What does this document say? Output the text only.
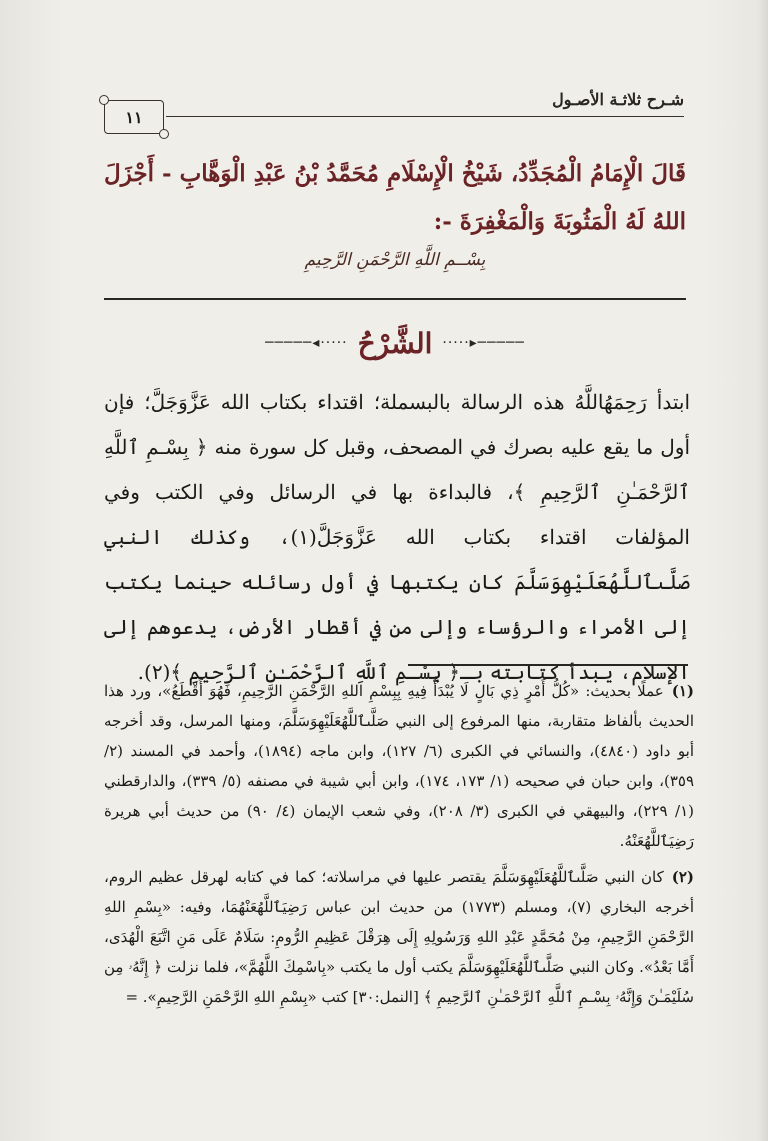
شـرح ثلاثـة الأصـول
١١
قَالَ الْإِمَامُ الْمُجَدِّدُ، شَيْخُ الْإِسْلَامِ مُحَمَّدُ بْنُ عَبْدِ الْوَهَّابِ - أَجْزَلَ اللهُ لَهُ الْمَثُوبَةَ وَالْمَغْفِرَةَ -:
بِسْــمِ اللَّهِ الرَّحْمَنِ الرَّحِيمِ
─────▸·····
الشَّرْحُ
·····◂─────

ابتدأ رَحِمَهُاللَّهُ هذه الرسالة بالبسملة؛ اقتداء بكتاب الله عَزَّوَجَلَّ؛ فإن أول ما يقع عليه بصرك في المصحف، وقبل كل سورة منه ﴿ بِسْـمِ ٱللَّهِ ٱلرَّحْمَـٰنِ ٱلرَّحِيمِ ﴾، فالبداءة بها في الرسائل وفي الكتب وفي المؤلفات اقتداء بكتاب الله عَزَّوَجَلَّ(١)، وكذلك النبي صَلَّىٱللَّهُعَلَيْهِوَسَلَّمَ كان يكتبها في أول رسائله حينما يكتب إلى الأمراء والرؤساء وإلى من في أقطار الأرض، يدعوهم إلى الإسلام، يبدأ كتابته بـ﴿ بِسْـمِ ٱللَّهِ ٱلرَّحْمَـٰنِ ٱلرَّحِيمِ ﴾(٢).

(١)عملًا بحديث: «كُلُّ أَمْرٍ ذِي بَالٍ لَا يُبْدَأُ فِيهِ بِبِسْمِ اللهِ الرَّحْمَنِ الرَّحِيمِ، فَهُوَ أَقْطَعُ»، ورد هذا الحديث بألفاظ متقاربة، منها المرفوع إلى النبي صَلَّىٱللَّهُعَلَيْهِوَسَلَّمَ، ومنها المرسل، وقد أخرجه أبو داود (٤٨٤٠)، والنسائي في الكبرى (٦/ ١٢٧)، وابن ماجه (١٨٩٤)، وأحمد في المسند (٢/ ٣٥٩)، وابن حبان في صحيحه (١/ ١٧٣، ١٧٤)، وابن أبي شيبة في مصنفه (٥/ ٣٣٩)، والدارقطني (١/ ٢٢٩)، والبيهقي في الكبرى (٣/ ٢٠٨)، وفي شعب الإيمان (٤/ ٩٠) من حديث أبي هريرة رَضِيَٱللَّهُعَنْهُ.

(٢)كان النبي صَلَّىٱللَّهُعَلَيْهِوَسَلَّمَ يقتصر عليها في مراسلاته؛ كما في كتابه لهرقل عظيم الروم، أخرجه البخاري (٧)، ومسلم (١٧٧٣) من حديث ابن عباس رَضِيَٱللَّهُعَنْهُمَا، وفيه: «بِسْمِ اللهِ الرَّحْمَنِ الرَّحِيمِ، مِنْ مُحَمَّدٍ عَبْدِ اللهِ وَرَسُولِهِ إِلَى هِرَقْلَ عَظِيمِ الرُّومِ: سَلَامٌ عَلَى مَنِ اتَّبَعَ الْهُدَى، أَمَّا بَعْدُ». وكان النبي صَلَّىٱللَّهُعَلَيْهِوَسَلَّمَ يكتب أول ما يكتب «بِاسْمِكَ اللَّهُمَّ»، فلما نزلت ﴿ إِنَّهُۥ مِن سُلَيْمَـٰنَ وَإِنَّهُۥ بِسْـمِ ٱللَّهِ ٱلرَّحْمَـٰنِ ٱلرَّحِيمِ ﴾ [النمل:٣٠] كتب «بِسْمِ اللهِ الرَّحْمَنِ الرَّحِيمِ». =
